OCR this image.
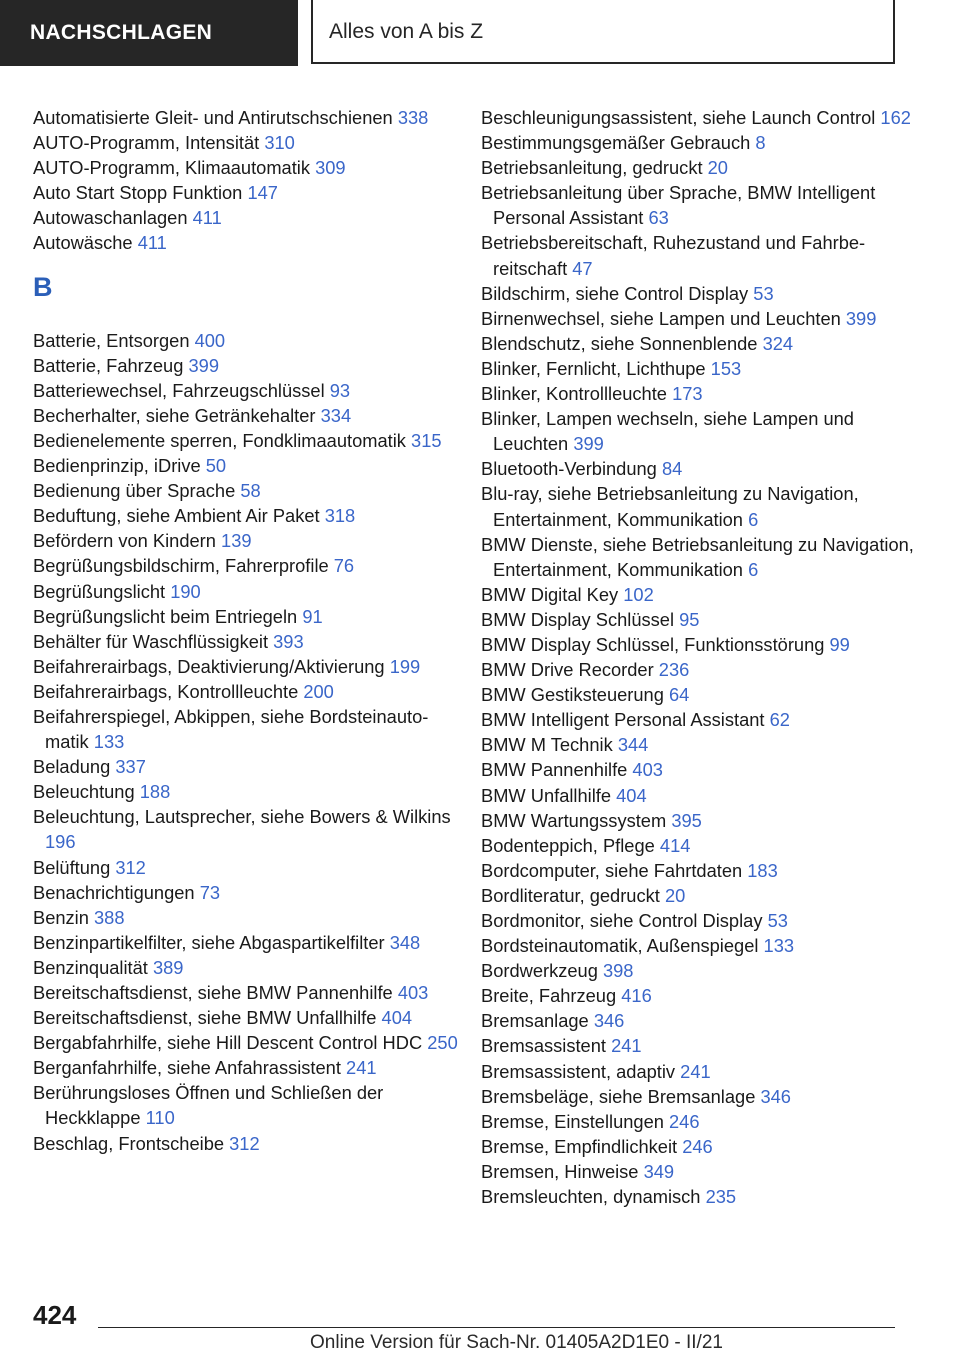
NACHSCHLAGEN	Alles von A bis Z
Automatisierte Gleit- und Antirutschschienen 338
AUTO-Programm, Intensität 310
AUTO-Programm, Klimaautomatik 309
Auto Start Stopp Funktion 147
Autowaschanlagen 411
Autowäsche 411
B
Batterie, Entsorgen 400
Batterie, Fahrzeug 399
Batteriewechsel, Fahrzeugschlüssel 93
Becherhalter, siehe Getränkehalter 334
Bedienelemente sperren, Fondklimaautomatik 315
Bedienprinzip, iDrive 50
Bedienung über Sprache 58
Beduftung, siehe Ambient Air Paket 318
Befördern von Kindern 139
Begrüßungsbildschirm, Fahrerprofile 76
Begrüßungslicht 190
Begrüßungslicht beim Entriegeln 91
Behälter für Waschflüssigkeit 393
Beifahrerairbags, Deaktivierung/Aktivierung 199
Beifahrerairbags, Kontrollleuchte 200
Beifahrerspiegel, Abkippen, siehe Bordsteinautomatik 133
Beladung 337
Beleuchtung 188
Beleuchtung, Lautsprecher, siehe Bowers & Wilkins 196
Belüftung 312
Benachrichtigungen 73
Benzin 388
Benzinpartikelfilter, siehe Abgaspartikelfilter 348
Benzinqualität 389
Bereitschaftsdienst, siehe BMW Pannenhilfe 403
Bereitschaftsdienst, siehe BMW Unfallhilfe 404
Bergabfahrhilfe, siehe Hill Descent Control HDC 250
Berganfahrhilfe, siehe Anfahrassistent 241
Berührungsloses Öffnen und Schließen der Heckklappe 110
Beschlag, Frontscheibe 312
Beschleunigungsassistent, siehe Launch Control 162
Bestimmungsgemäßer Gebrauch 8
Betriebsanleitung, gedruckt 20
Betriebsanleitung über Sprache, BMW Intelligent Personal Assistant 63
Betriebsbereitschaft, Ruhezustand und Fahrbereitschaft 47
Bildschirm, siehe Control Display 53
Birnenwechsel, siehe Lampen und Leuchten 399
Blendschutz, siehe Sonnenblende 324
Blinker, Fernlicht, Lichthupe 153
Blinker, Kontrollleuchte 173
Blinker, Lampen wechseln, siehe Lampen und Leuchten 399
Bluetooth-Verbindung 84
Blu-ray, siehe Betriebsanleitung zu Navigation, Entertainment, Kommunikation 6
BMW Dienste, siehe Betriebsanleitung zu Navigation, Entertainment, Kommunikation 6
BMW Digital Key 102
BMW Display Schlüssel 95
BMW Display Schlüssel, Funktionsstörung 99
BMW Drive Recorder 236
BMW Gestiksteuerung 64
BMW Intelligent Personal Assistant 62
BMW M Technik 344
BMW Pannenhilfe 403
BMW Unfallhilfe 404
BMW Wartungssystem 395
Bodenteppich, Pflege 414
Bordcomputer, siehe Fahrtdaten 183
Bordliteratur, gedruckt 20
Bordmonitor, siehe Control Display 53
Bordsteinautomatik, Außenspiegel 133
Bordwerkzeug 398
Breite, Fahrzeug 416
Bremsanlage 346
Bremsassistent 241
Bremsassistent, adaptiv 241
Bremsbeläge, siehe Bremsanlage 346
Bremse, Einstellungen 246
Bremse, Empfindlichkeit 246
Bremsen, Hinweise 349
Bremsleuchten, dynamisch 235
424
Online Version für Sach-Nr. 01405A2D1E0 - II/21
